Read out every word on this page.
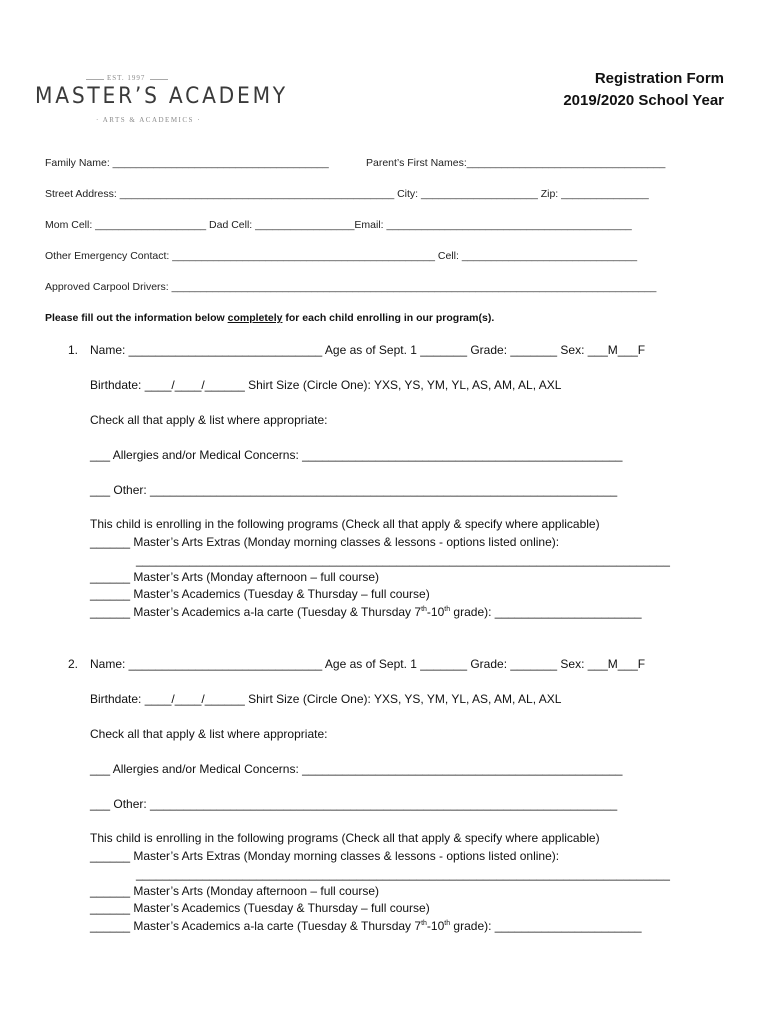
EST. 1997
MASTER’S ACADEMY
· ARTS & ACADEMICS ·
Registration Form
2019/2020 School Year
Family Name: _____________________________________	Parent’s First Names:__________________________________
Street Address: _______________________________________________ City: ____________________ Zip: _______________
Mom Cell: ___________________ Dad Cell: _________________Email: __________________________________________
Other Emergency Contact: _____________________________________________ Cell: ______________________________
Approved Carpool Drivers: ___________________________________________________________________________________
Please fill out the information below completely for each child enrolling in our program(s).
1. Name: _____________________________ Age as of Sept. 1 _______ Grade: _______ Sex: ___M___F
Birthdate: ____/____/______ Shirt Size (Circle One): YXS, YS, YM, YL, AS, AM, AL, AXL
Check all that apply & list where appropriate:
___ Allergies and/or Medical Concerns: ________________________________________________
___ Other: ______________________________________________________________________
This child is enrolling in the following programs (Check all that apply & specify where applicable)
______ Master’s Arts Extras (Monday morning classes & lessons - options listed online):
________________________________________________________________________________
______ Master’s Arts (Monday afternoon – full course)
______ Master’s Academics (Tuesday & Thursday – full course)
______ Master’s Academics a-la carte (Tuesday & Thursday 7th-10th grade): ______________________
2. Name: _____________________________ Age as of Sept. 1 _______ Grade: _______ Sex: ___M___F
Birthdate: ____/____/______ Shirt Size (Circle One): YXS, YS, YM, YL, AS, AM, AL, AXL
Check all that apply & list where appropriate:
___ Allergies and/or Medical Concerns: ________________________________________________
___ Other: ______________________________________________________________________
This child is enrolling in the following programs (Check all that apply & specify where applicable)
______ Master’s Arts Extras (Monday morning classes & lessons - options listed online):
________________________________________________________________________________
______ Master’s Arts (Monday afternoon – full course)
______ Master’s Academics (Tuesday & Thursday – full course)
______ Master’s Academics a-la carte (Tuesday & Thursday 7th-10th grade): ______________________
